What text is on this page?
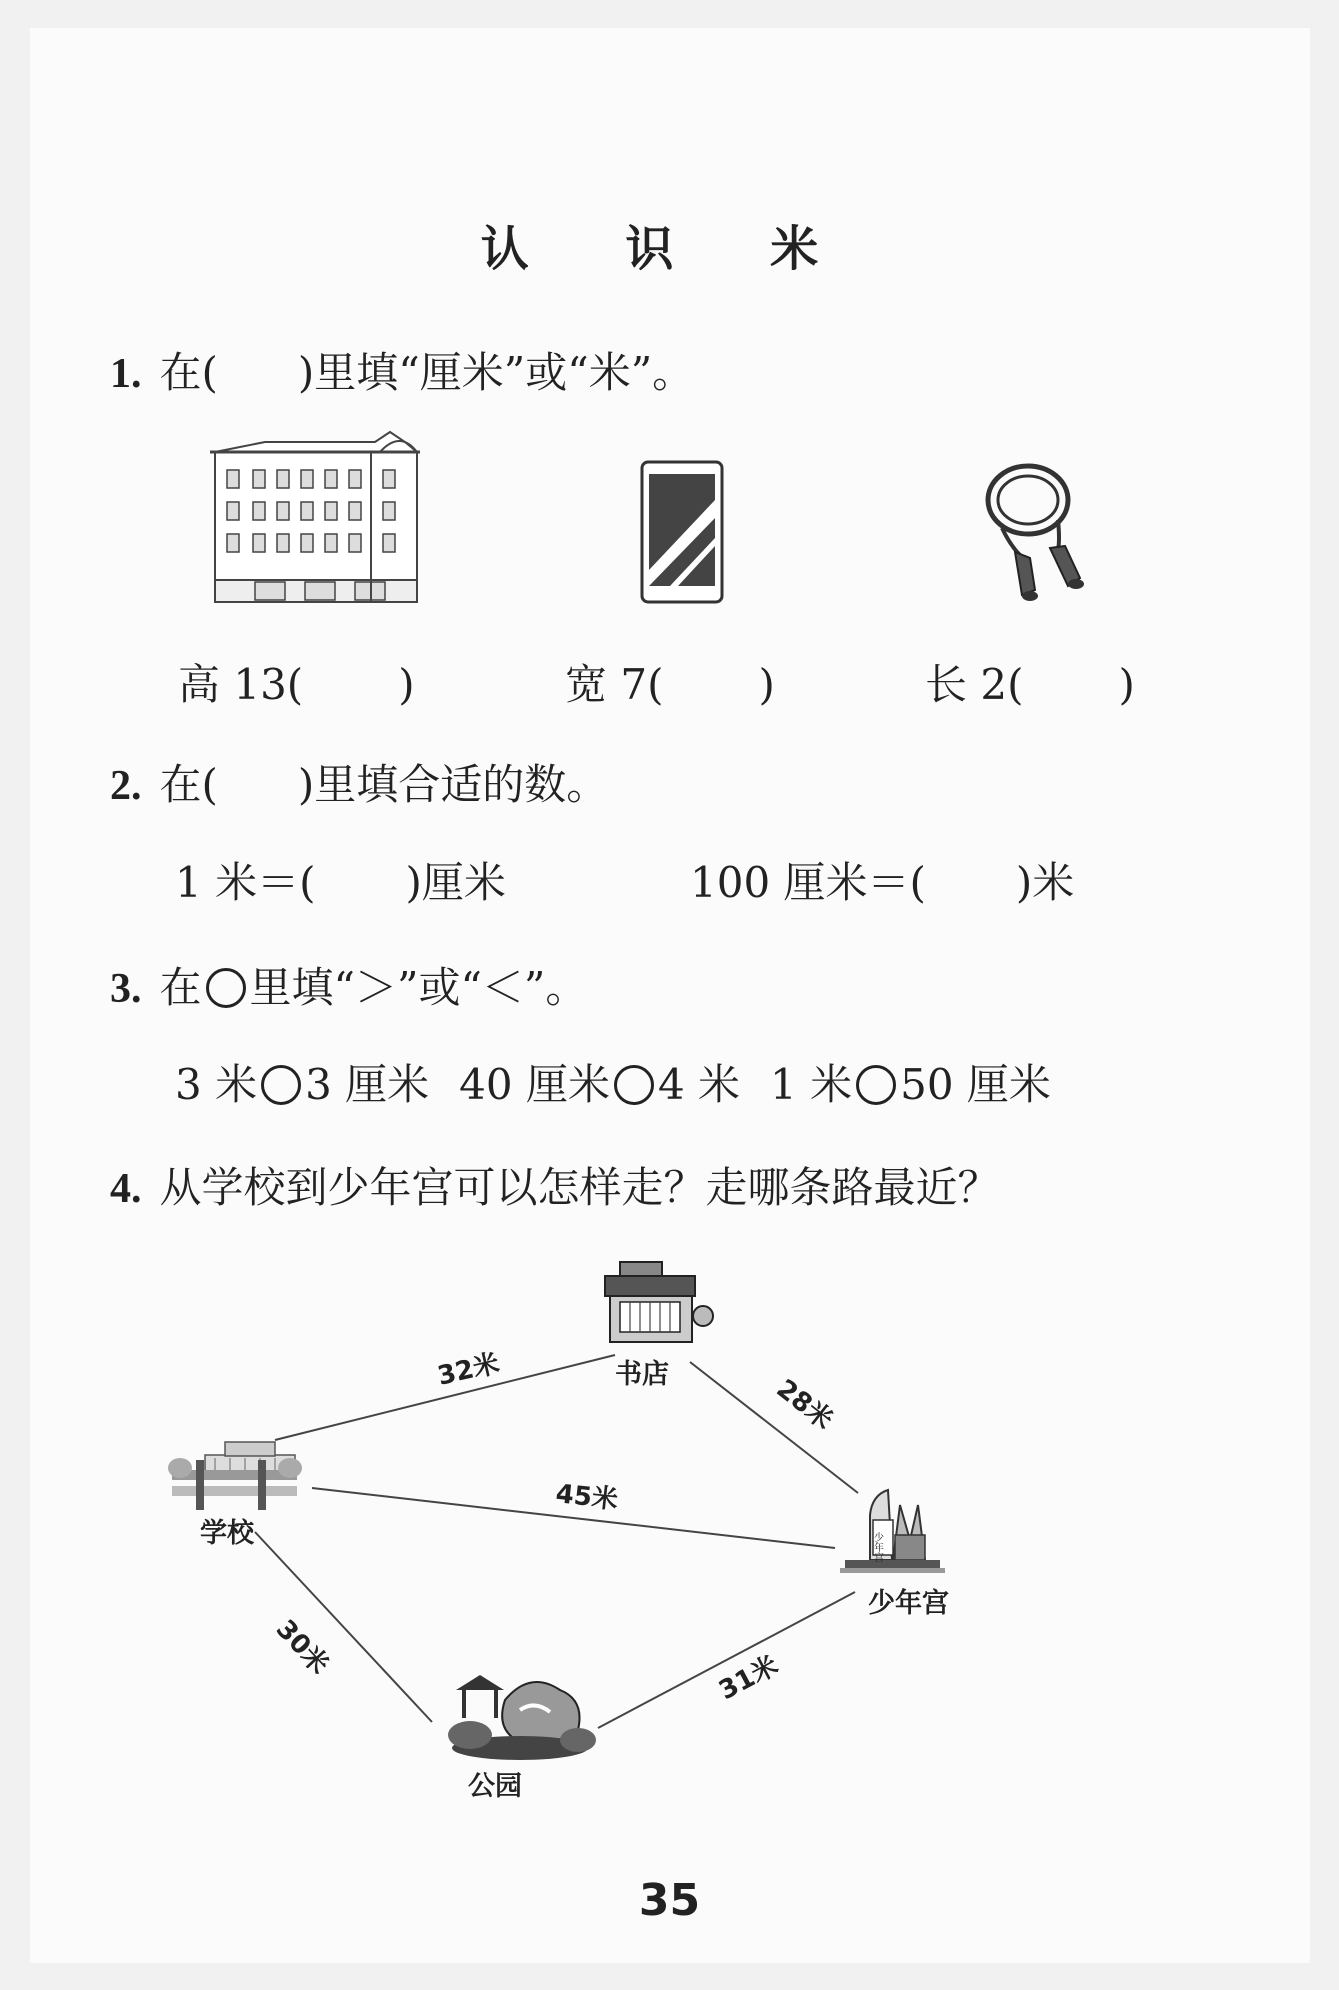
认 识 米
1. 在( )里填“厘米”或“米”。
高 13( )	宽 7( )	长 2( )
2. 在( )里填合适的数。
1 米＝( )厘米	100 厘米＝( )米
3. 在 里填“＞”或“＜”。
3 米 3 厘米 40 厘米 4 米 1 米 50 厘米
4. 从学校到少年宫可以怎样走？走哪条路最近？
32米
28米
45米
30米	31米
书店
学校	少年宫
少年宫
公园
35
